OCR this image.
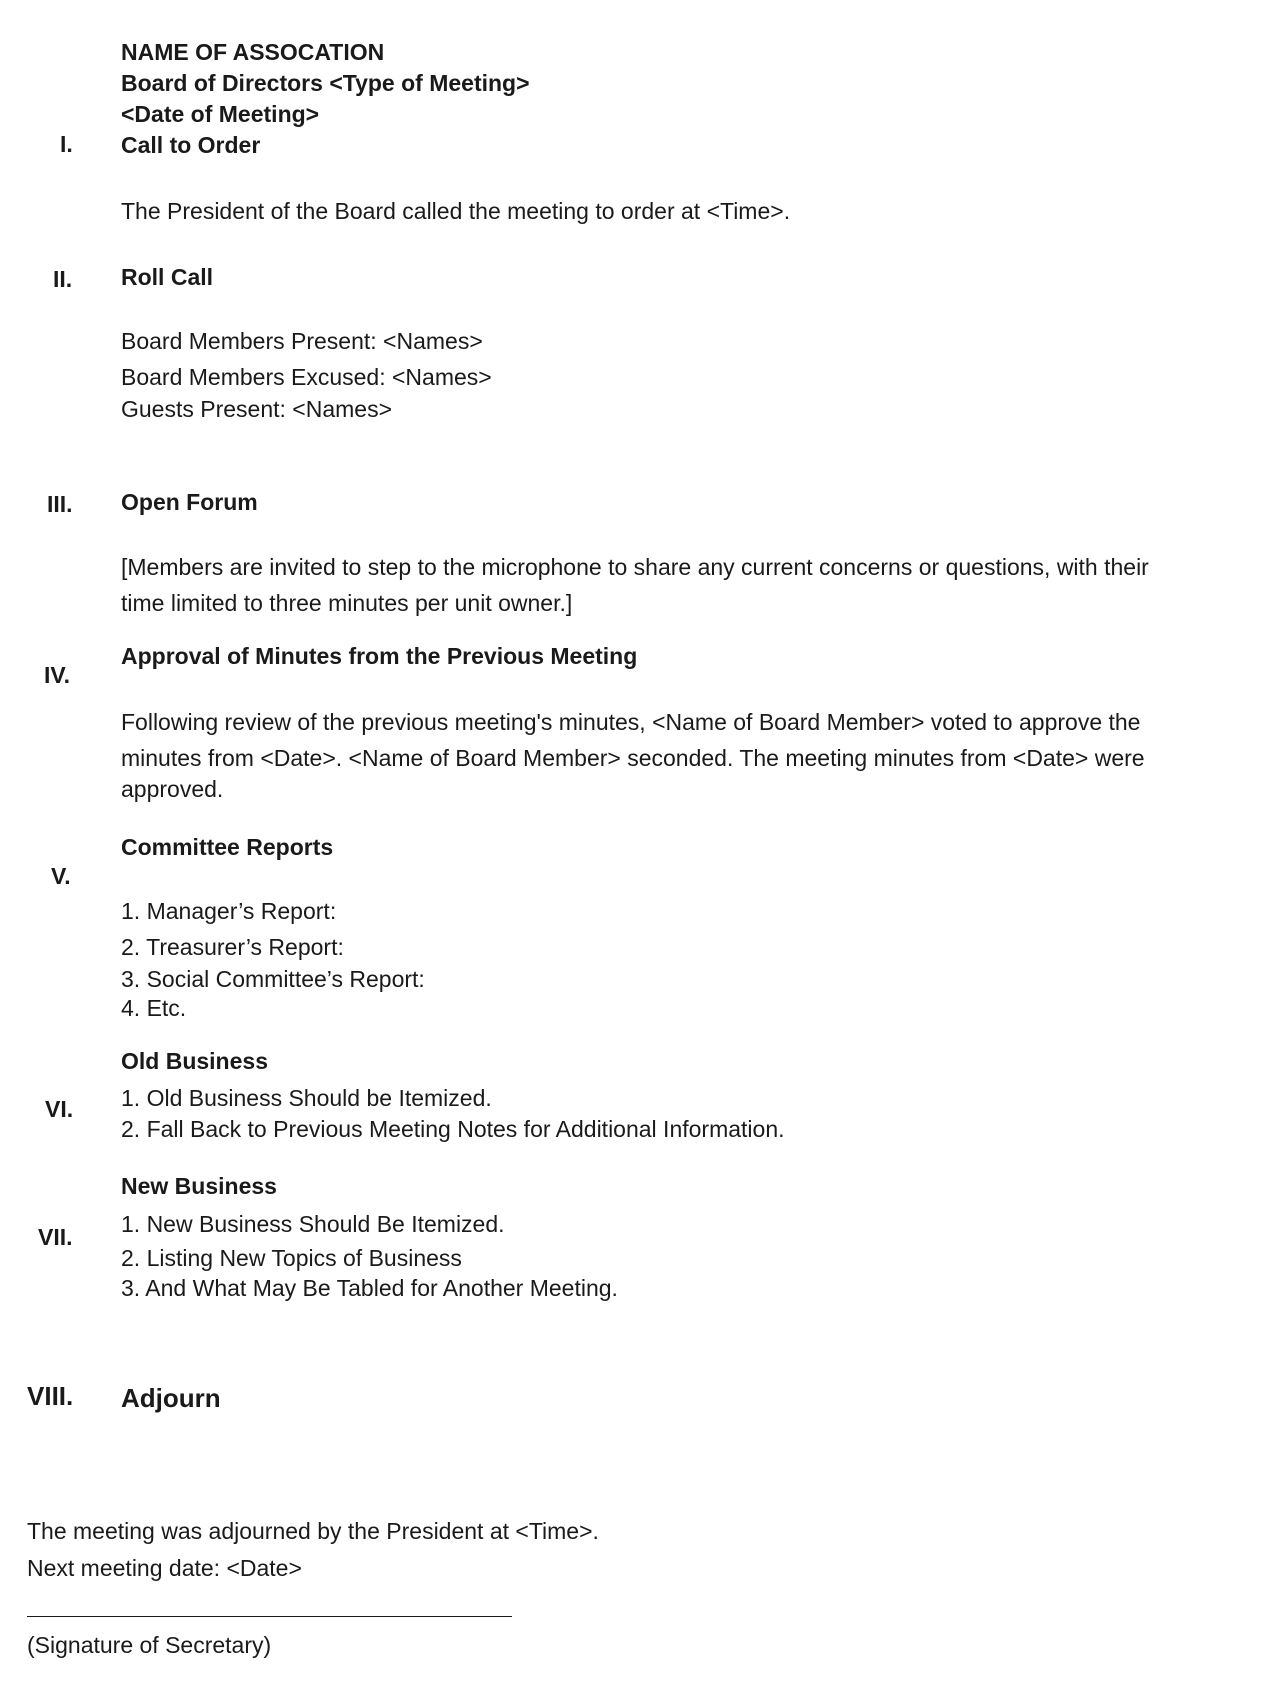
NAME OF ASSOCATION
Board of Directors <Type of Meeting>
<Date of Meeting>
I. Call to Order
The President of the Board called the meeting to order at <Time>.
II. Roll Call
Board Members Present: <Names>
Board Members Excused: <Names>
Guests Present: <Names>
III. Open Forum
[Members are invited to step to the microphone to share any current concerns or questions, with their
time limited to three minutes per unit owner.]
IV.
Approval of Minutes from the Previous Meeting
Following review of the previous meeting's minutes, <Name of Board Member> voted to approve the
minutes from <Date>. <Name of Board Member> seconded. The meeting minutes from <Date> were
approved.
V.
Committee Reports
1. Manager’s Report:
2. Treasurer’s Report:
3. Social Committee’s Report:
4. Etc.
VI.
Old Business
1. Old Business Should be Itemized.
2. Fall Back to Previous Meeting Notes for Additional Information.
VII.
New Business
1. New Business Should Be Itemized.
2. Listing New Topics of Business
3. And What May Be Tabled for Another Meeting.
VIII. Adjourn
The meeting was adjourned by the President at <Time>.
Next meeting date: <Date>
(Signature of Secretary)
